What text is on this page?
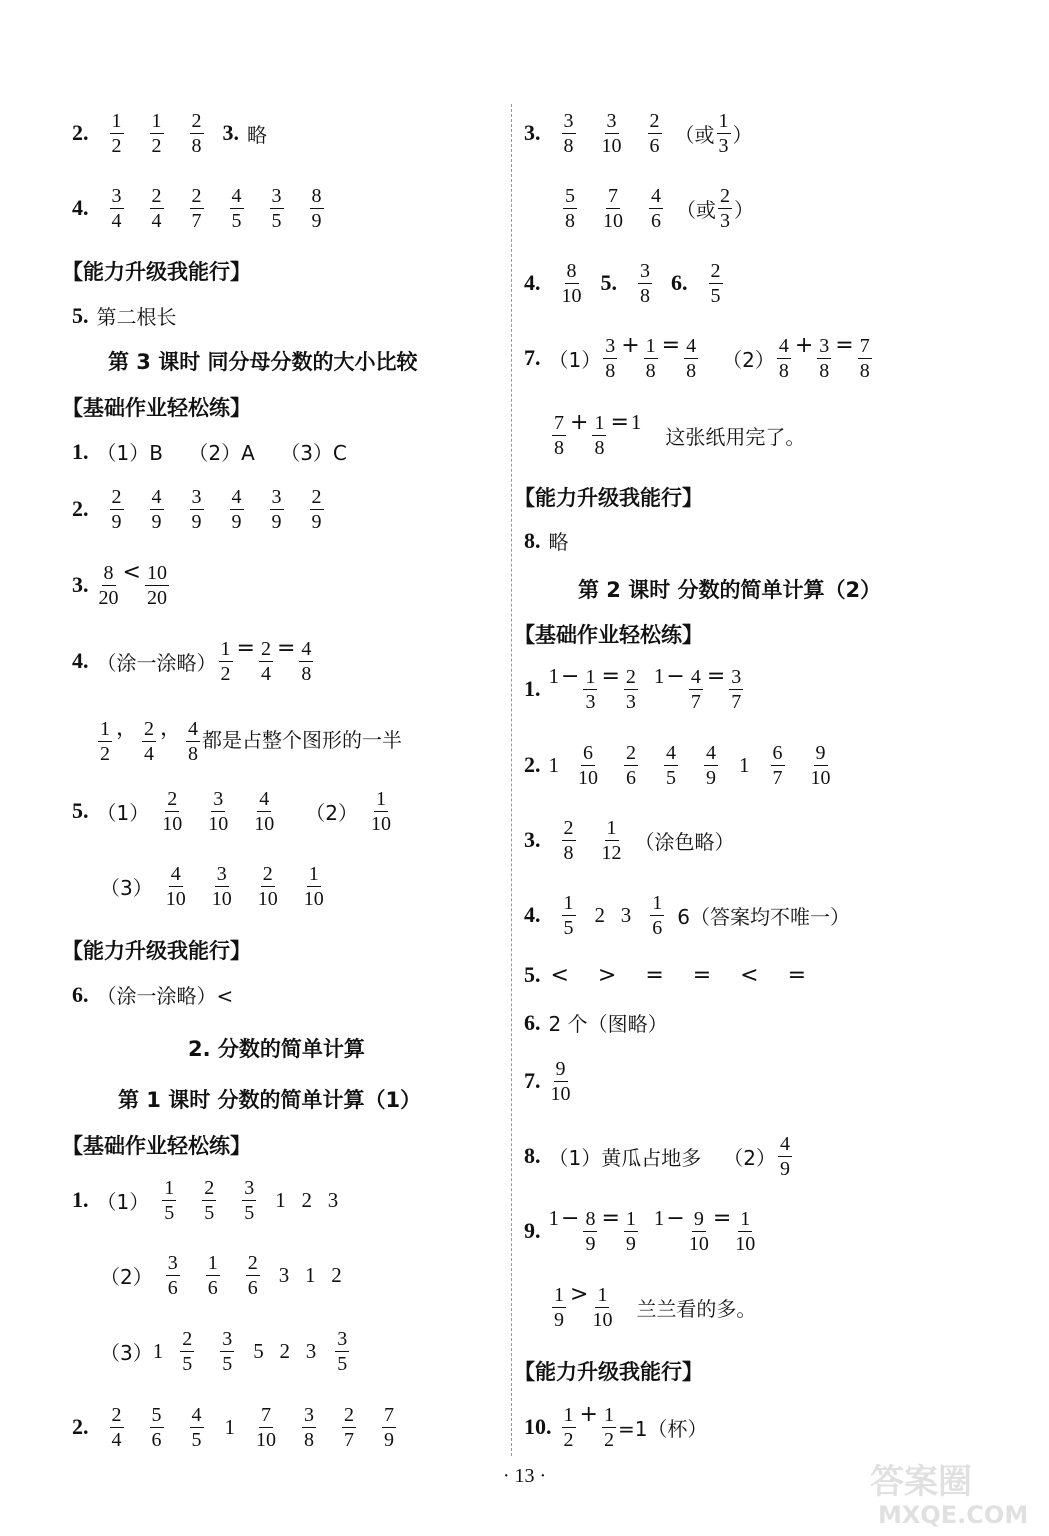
2. $\frac{1}{2} \frac{1}{2} \frac{2}{8} 3$. 略
4. $\frac{3}{4} \frac{2}{4} \frac{2}{7} \frac{4}{5} \frac{3}{5} \frac{8}{9}$
【能力升级我能行】
5. 第二根长
第 3 课时 同分母分数的大小比较
【基础作业轻松练】
1. （1）B    （2）A    （3）C
2. $\frac{2}{9} \frac{4}{9} \frac{3}{9} \frac{4}{9} \frac{3}{9} \frac{2}{9}$
3. $\frac{8}{20} < \frac{10}{20}$
4. （涂一涂略） $\frac{1}{2} = \frac{2}{4} = \frac{4}{8}$
$\frac{1}{2}$ ， $\frac{2}{4}$ ， $\frac{4}{8}$ 都是占整个图形的一半
5. $(1) \frac{2}{10} \frac{3}{10} \frac{4}{10} (2) \frac{1}{10}$
$(3) \frac{4}{10} \frac{3}{10} \frac{2}{10} \frac{1}{10}$
【能力升级我能行】
6. （涂一涂略）<
2. 分数的简单计算
第 1 课时 分数的简单计算（1）
【基础作业轻松练】
1. $(1) \frac{1}{5} \frac{2}{5} \frac{3}{5} 1$   2   3
$(2) \frac{3}{6} \frac{1}{6} \frac{2}{6} 3$   1   2
（3） $1 \frac{2}{5} \frac{3}{5} 5$   2   $3 \frac{3}{5}$
2. $\frac{2}{4} \frac{5}{6} \frac{4}{5} 1 \frac{7}{10} \frac{3}{8} \frac{2}{7} \frac{7}{9}$
3. $\frac{3}{8} \frac{3}{10} \frac{2}{6}$ （或 $\frac{1}{3}$ ）
$\frac{5}{8} \frac{7}{10} \frac{4}{6}$ （或 $\frac{2}{3}$ ）
4. $\frac{8}{10} 5$. $\frac{3}{8} 6$. $\frac{2}{5}$
7. $(1) \frac{3}{8} + \frac{1}{8} = \frac{4}{8} (2) \frac{4}{8} + \frac{3}{8} = \frac{7}{8}$
$\frac{7}{8} + \frac{1}{8} =1$
这张纸用完了。
【能力升级我能行】
8. 略
第 2 课时 分数的简单计算（2）
【基础作业轻松练】
1. $1- \frac{1}{3} = \frac{2}{3} 1- \frac{4}{7} = \frac{3}{7}$
2. $1 \frac{6}{10} \frac{2}{6} \frac{4}{5} \frac{4}{9} 1 \frac{6}{7} \frac{9}{10}$
3. $\frac{2}{8} \frac{1}{12}$ （涂色略）
4. $\frac{1}{5} 2$   $3 \frac{1}{6} 6$（答案均不唯一）
5. <   >   =   =   <   =
6. 2 个（图略）
7. $\frac{9}{10}$
8. （1）黄瓜占地多 $(2) \frac{4}{9}$
9. $1- \frac{8}{9} = \frac{1}{9} 1- \frac{9}{10} = \frac{1}{10}$
$\frac{1}{9} > \frac{1}{10}$ 兰兰看的多。
【能力升级我能行】
10. $\frac{1}{2} + \frac{1}{2} =1$（杯）
· 13 ·	答案圈
MXQE.COM
